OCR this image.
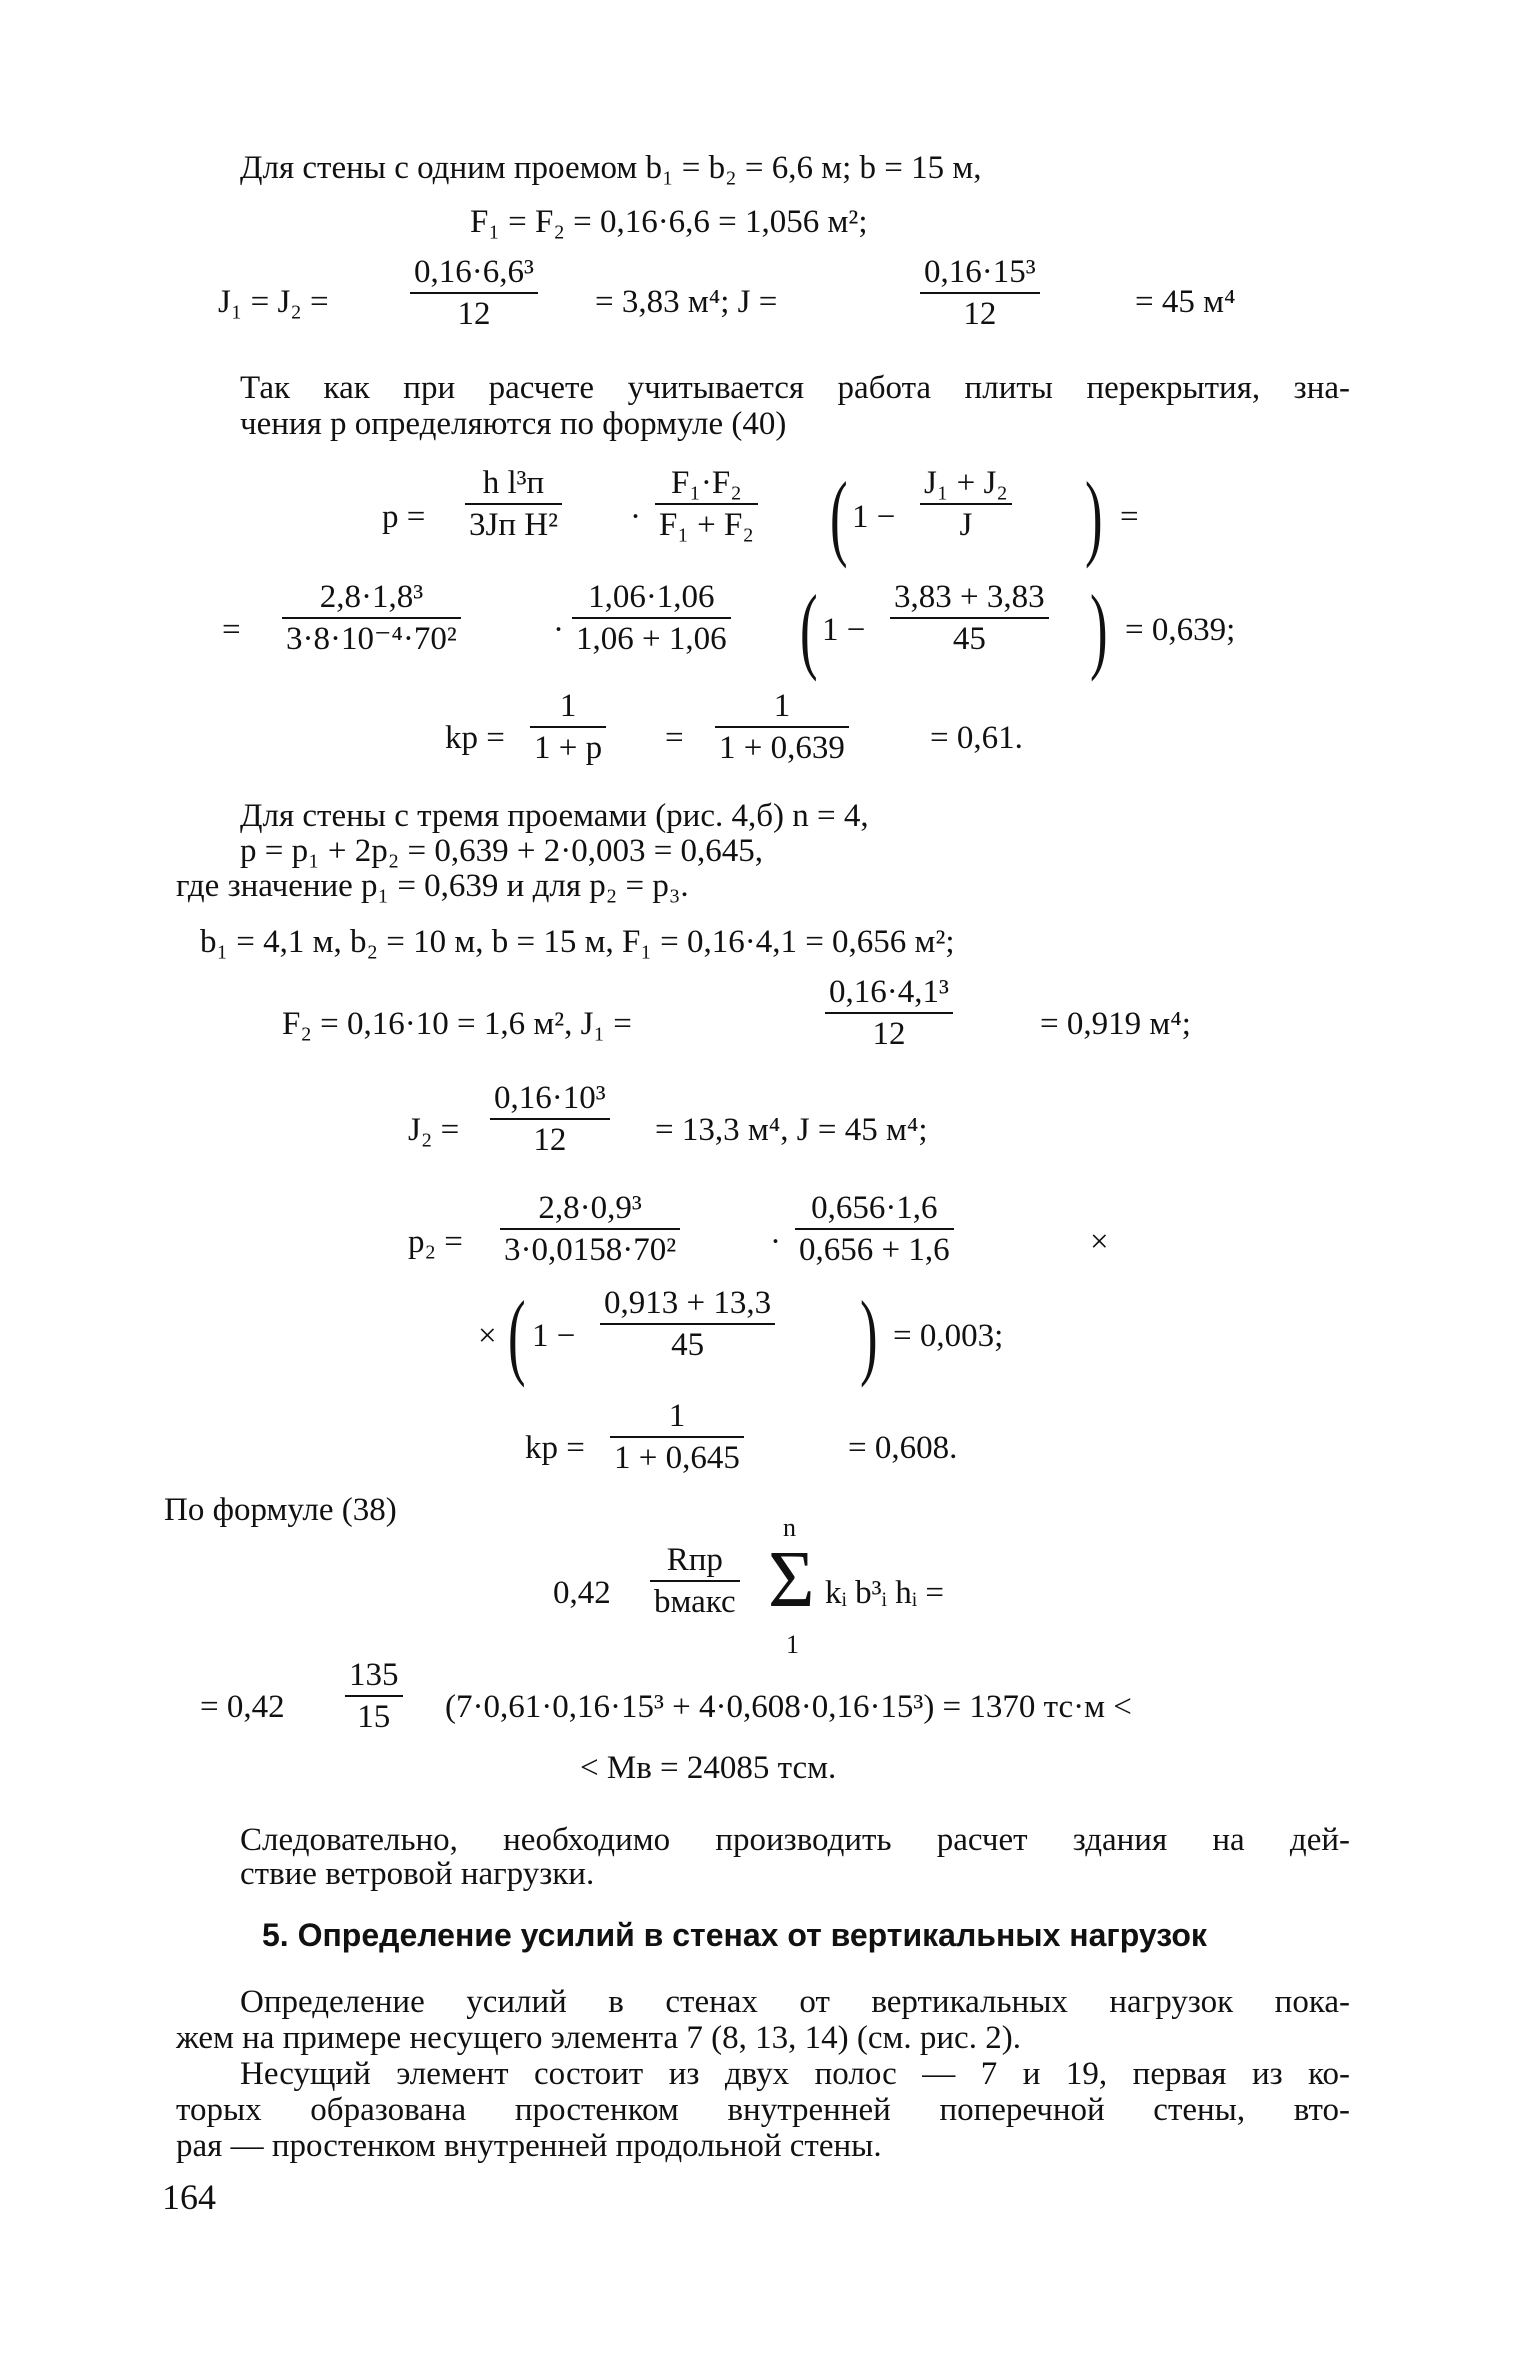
Для стены с одним проемом b₁ = b₂ = 6,6 м; b = 15 м,
F₁ = F₂ = 0,16·6,6 = 1,056 м²;
J₁ = J₂ =
0,16·6,6³
12	= 3,83 м⁴; J =
0,16·15³
12	= 45 м⁴
Так как при расчете учитывается работа плиты перекрытия, зна-
чения p определяются по формуле (40)
p =
h l³п
3Jп H² ·
F₁·F₂
F₁ + F₂ ( 1 −
J₁ + J₂
J ) =
=
2,8·1,8³
3·8·10⁻⁴·70²	·
1,06·1,06
1,06 + 1,06 ( 1 −
3,83 + 3,83
45 ) = 0,639;
kр =
1
1 + p =
1
1 + 0,639	= 0,61.
Для стены с тремя проемами (рис. 4,б) n = 4,
p = p₁ + 2p₂ = 0,639 + 2·0,003 = 0,645,
где значение p₁ = 0,639 и для p₂ = p₃.
b₁ = 4,1 м, b₂ = 10 м, b = 15 м, F₁ = 0,16·4,1 = 0,656 м²;
F₂ = 0,16·10 = 1,6 м², J₁ =
0,16·4,1³
12	= 0,919 м⁴;
J₂ =
0,16·10³
12	= 13,3 м⁴, J = 45 м⁴;
p₂ =
2,8·0,9³
3·0,0158·70²	·
0,656·1,6
0,656 + 1,6	×
× ( 1 −
0,913 + 13,3
45 ) = 0,003;
kр =
1
1 + 0,645	= 0,608.
По формуле (38)
0,42
Rпр
bмакс
n
Σ
1
kᵢ b³ᵢ hᵢ =
= 0,42
135
15 (7·0,61·0,16·15³ + 4·0,608·0,16·15³) = 1370 тс·м <
< Mв = 24085 тсм.
Следовательно, необходимо производить расчет здания на дей-
ствие ветровой нагрузки.
5. Определение усилий в стенах от вертикальных нагрузок
Определение усилий в стенах от вертикальных нагрузок пока-
жем на примере несущего элемента 7 (8, 13, 14) (см. рис. 2).
Несущий элемент состоит из двух полос — 7 и 19, первая из ко-
торых образована простенком внутренней поперечной стены, вто-
рая — простенком внутренней продольной стены.
164
